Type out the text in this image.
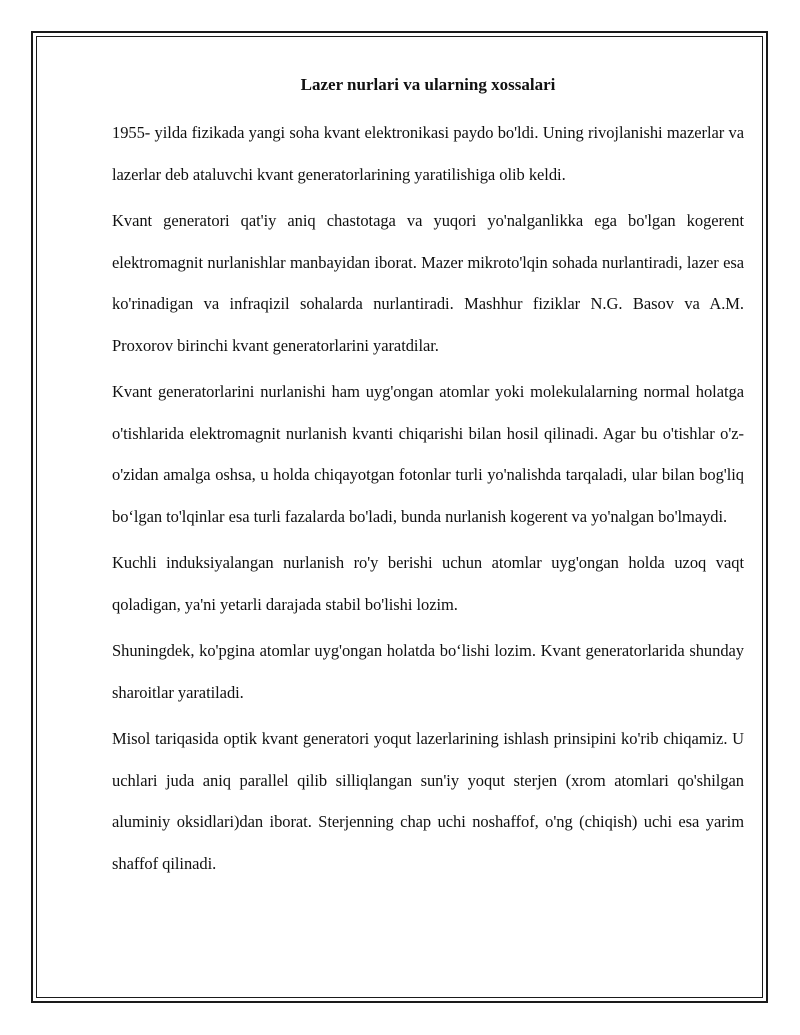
Lazer nurlari va ularning xossalari

1955- yilda fizikada yangi soha kvant elektronikasi paydo bo'ldi. Uning rivojlanishi mazerlar va lazerlar deb ataluvchi kvant generatorlarining yaratilishiga olib keldi.

Kvant generatori qat'iy aniq chastotaga va yuqori yo'nalganlikka ega bo'lgan kogerent elektromagnit nurlanishlar manbayidan iborat. Mazer mikroto'lqin sohada nurlantiradi, lazer esa ko'rinadigan va infraqizil sohalarda nurlantiradi. Mashhur fiziklar N.G. Basov va A.M. Proxorov birinchi kvant generatorlarini yaratdilar.

Kvant generatorlarini nurlanishi ham uyg'ongan atomlar yoki molekulalarning normal holatga o'tishlarida elektromagnit nurlanish kvanti chiqarishi bilan hosil qilinadi. Agar bu o'tishlar o'z-o'zidan amalga oshsa, u holda chiqayotgan fotonlar turli yo'nalishda tarqaladi, ular bilan bog'liq bo‘lgan to'lqinlar esa turli fazalarda bo'ladi, bunda nurlanish kogerent va yo'nalgan bo'lmaydi.

Kuchli induksiyalangan nurlanish ro'y berishi uchun atomlar uyg'ongan holda uzoq vaqt qoladigan, ya'ni yetarli darajada stabil bo'lishi lozim.

Shuningdek, ko'pgina atomlar uyg'ongan holatda bo‘lishi lozim. Kvant generatorlarida shunday sharoitlar yaratiladi.

Misol tariqasida optik kvant generatori yoqut lazerlarining ishlash prinsipini ko'rib chiqamiz. U uchlari juda aniq parallel qilib silliqlangan sun'iy yoqut sterjen (xrom atomlari qo'shilgan aluminiy oksidlari)dan iborat. Sterjenning chap uchi noshaffof, o'ng (chiqish) uchi esa yarim shaffof qilinadi.
